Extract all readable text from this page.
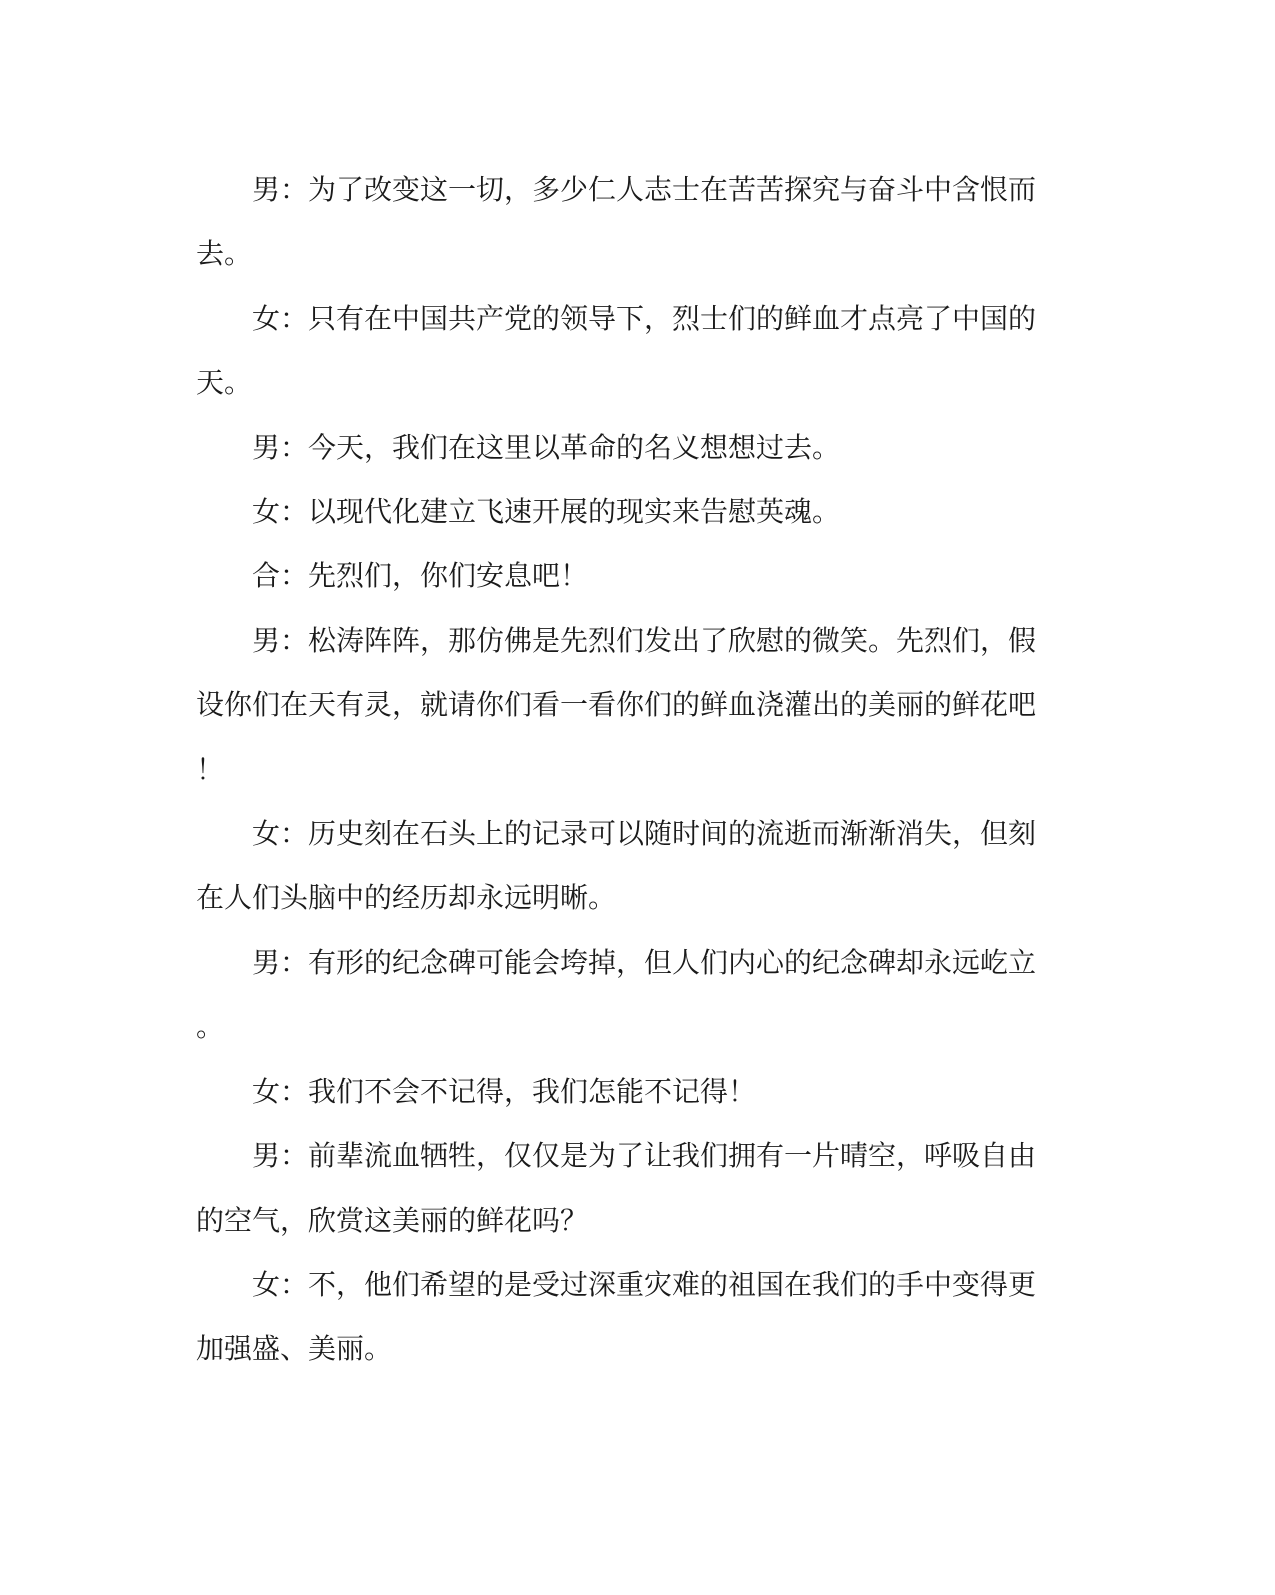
男：为了改变这一切，多少仁人志士在苦苦探究与奋斗中含恨而去。

女：只有在中国共产党的领导下，烈士们的鲜血才点亮了中国的天。

男：今天，我们在这里以革命的名义想想过去。

女：以现代化建立飞速开展的现实来告慰英魂。

合：先烈们，你们安息吧！

男：松涛阵阵，那仿佛是先烈们发出了欣慰的微笑。先烈们，假设你们在天有灵，就请你们看一看你们的鲜血浇灌出的美丽的鲜花吧！

女：历史刻在石头上的记录可以随时间的流逝而渐渐消失，但刻在人们头脑中的经历却永远明晰。

男：有形的纪念碑可能会垮掉，但人们内心的纪念碑却永远屹立。

女：我们不会不记得，我们怎能不记得！

男：前辈流血牺牲，仅仅是为了让我们拥有一片晴空，呼吸自由的空气，欣赏这美丽的鲜花吗？

女：不，他们希望的是受过深重灾难的祖国在我们的手中变得更加强盛、美丽。
